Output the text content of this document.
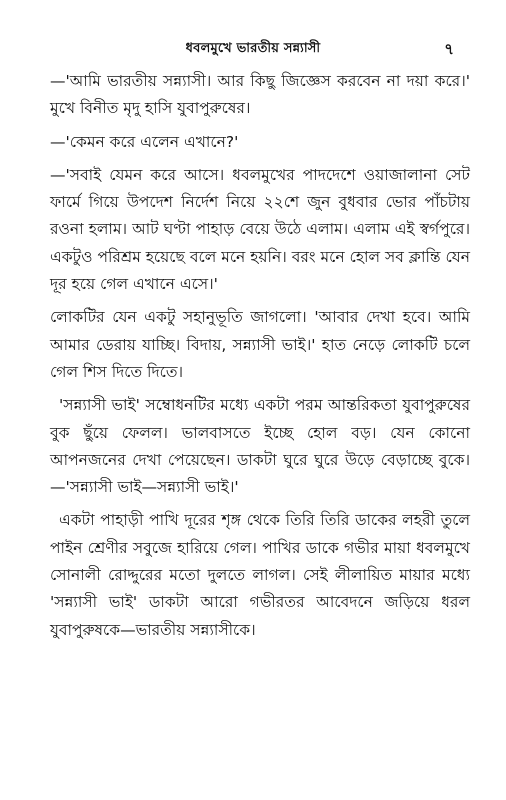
ধবলমুখে ভারতীয় সন্ন্যাসী	৭

—'আমি ভারতীয় সন্ন্যাসী। আর কিছু জিজ্ঞেস করবেন না দয়া করে।' মুখে বিনীত মৃদু হাসি যুবাপুরুষের।

—'কেমন করে এলেন এখানে?'

—'সবাই যেমন করে আসে। ধবলমুখের পাদদেশে ওয়াজালানা সেট ফার্মে গিয়ে উপদেশ নির্দেশ নিয়ে ২২শে জুন বুধবার ভোর পাঁচটায় রওনা হলাম। আট ঘণ্টা পাহাড় বেয়ে উঠে এলাম। এলাম এই স্বর্গপুরে। একটুও পরিশ্রম হয়েছে বলে মনে হয়নি। বরং মনে হোল সব ক্লান্তি যেন দূর হয়ে গেল এখানে এসে।'

লোকটির যেন একটু সহানুভূতি জাগলো। 'আবার দেখা হবে। আমি আমার ডেরায় যাচ্ছি। বিদায়, সন্ন্যাসী ভাই।' হাত নেড়ে লোকটি চলে গেল শিস দিতে দিতে।

'সন্ন্যাসী ভাই' সম্বোধনটির মধ্যে একটা পরম আন্তরিকতা যুবাপুরুষের বুক ছুঁয়ে ফেলল। ভালবাসতে ইচ্ছে হোল বড়। যেন কোনো আপনজনের দেখা পেয়েছেন। ডাকটা ঘুরে ঘুরে উড়ে বেড়াচ্ছে বুকে।—'সন্ন্যাসী ভাই—সন্ন্যাসী ভাই।'

একটা পাহাড়ী পাখি দূরের শৃঙ্গ থেকে তিরি তিরি ডাকের লহরী তুলে পাইন শ্রেণীর সবুজে হারিয়ে গেল। পাখির ডাকে গভীর মায়া ধবলমুখে সোনালী রোদ্দুরের মতো দুলতে লাগল। সেই লীলায়িত মায়ার মধ্যে 'সন্ন্যাসী ভাই' ডাকটা আরো গভীরতর আবেদনে জড়িয়ে ধরল যুবাপুরুষকে—ভারতীয় সন্ন্যাসীকে।
